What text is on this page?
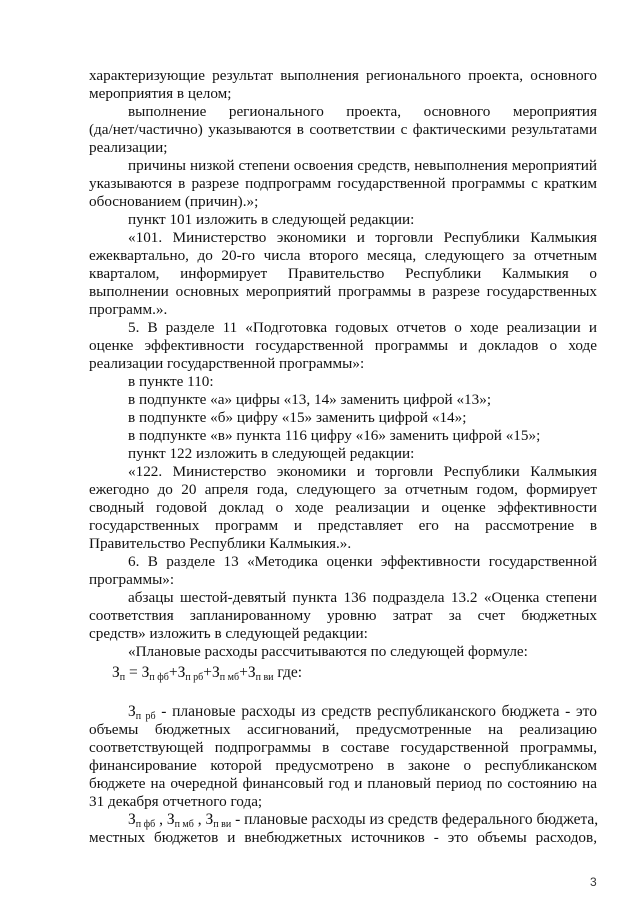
характеризующие результат выполнения регионального проекта, основного
мероприятия в целом;
выполнение регионального проекта, основного мероприятия
(да/нет/частично) указываются в соответствии с фактическими результатами
реализации;
причины низкой степени освоения средств, невыполнения мероприятий
указываются в разрезе подпрограмм государственной программы с кратким
обоснованием (причин).»;
пункт 101 изложить в следующей редакции:
«101. Министерство экономики и торговли Республики Калмыкия
ежеквартально, до 20-го числа второго месяца, следующего за отчетным
кварталом, информирует Правительство Республики Калмыкия о
выполнении основных мероприятий программы в разрезе государственных
программ.».
5. В разделе 11 «Подготовка годовых отчетов о ходе реализации и
оценке эффективности государственной программы и докладов о ходе
реализации государственной программы»:
в пункте 110:
в подпункте «а» цифры «13, 14» заменить цифрой «13»;
в подпункте «б» цифру «15» заменить цифрой «14»;
в подпункте «в» пункта 116 цифру «16» заменить цифрой «15»;
пункт 122 изложить в следующей редакции:
«122. Министерство экономики и торговли Республики Калмыкия
ежегодно до 20 апреля года, следующего за отчетным годом, формирует
сводный годовой доклад о ходе реализации и оценке эффективности
государственных программ и представляет его на рассмотрение в
Правительство Республики Калмыкия.».
6. В разделе 13 «Методика оценки эффективности государственной
программы»:
абзацы шестой-девятый пункта 136 подраздела 13.2 «Оценка степени
соответствия запланированному уровню затрат за счет бюджетных
средств» изложить в следующей редакции:
«Плановые расходы рассчитываются по следующей формуле:
объемы бюджетных ассигнований, предусмотренные на реализацию
соответствующей подпрограммы в составе государственной программы,
финансирование которой предусмотрено в законе о республиканском
бюджете на очередной финансовый год и плановый период по состоянию на
31 декабря отчетного года;
местных бюджетов и внебюджетных источников - это объемы расходов,
$З_п = З_{п фб}+З_{п рб}+З_{п мб}+З_{п ви}$ где:
$З_{п рб}$ - плановые расходы из средств республиканского бюджета - это
$З_{п фб}$ , $З_{п мб}$ , $З_{п ви}$ - плановые расходы из средств федерального бюджета,
3
